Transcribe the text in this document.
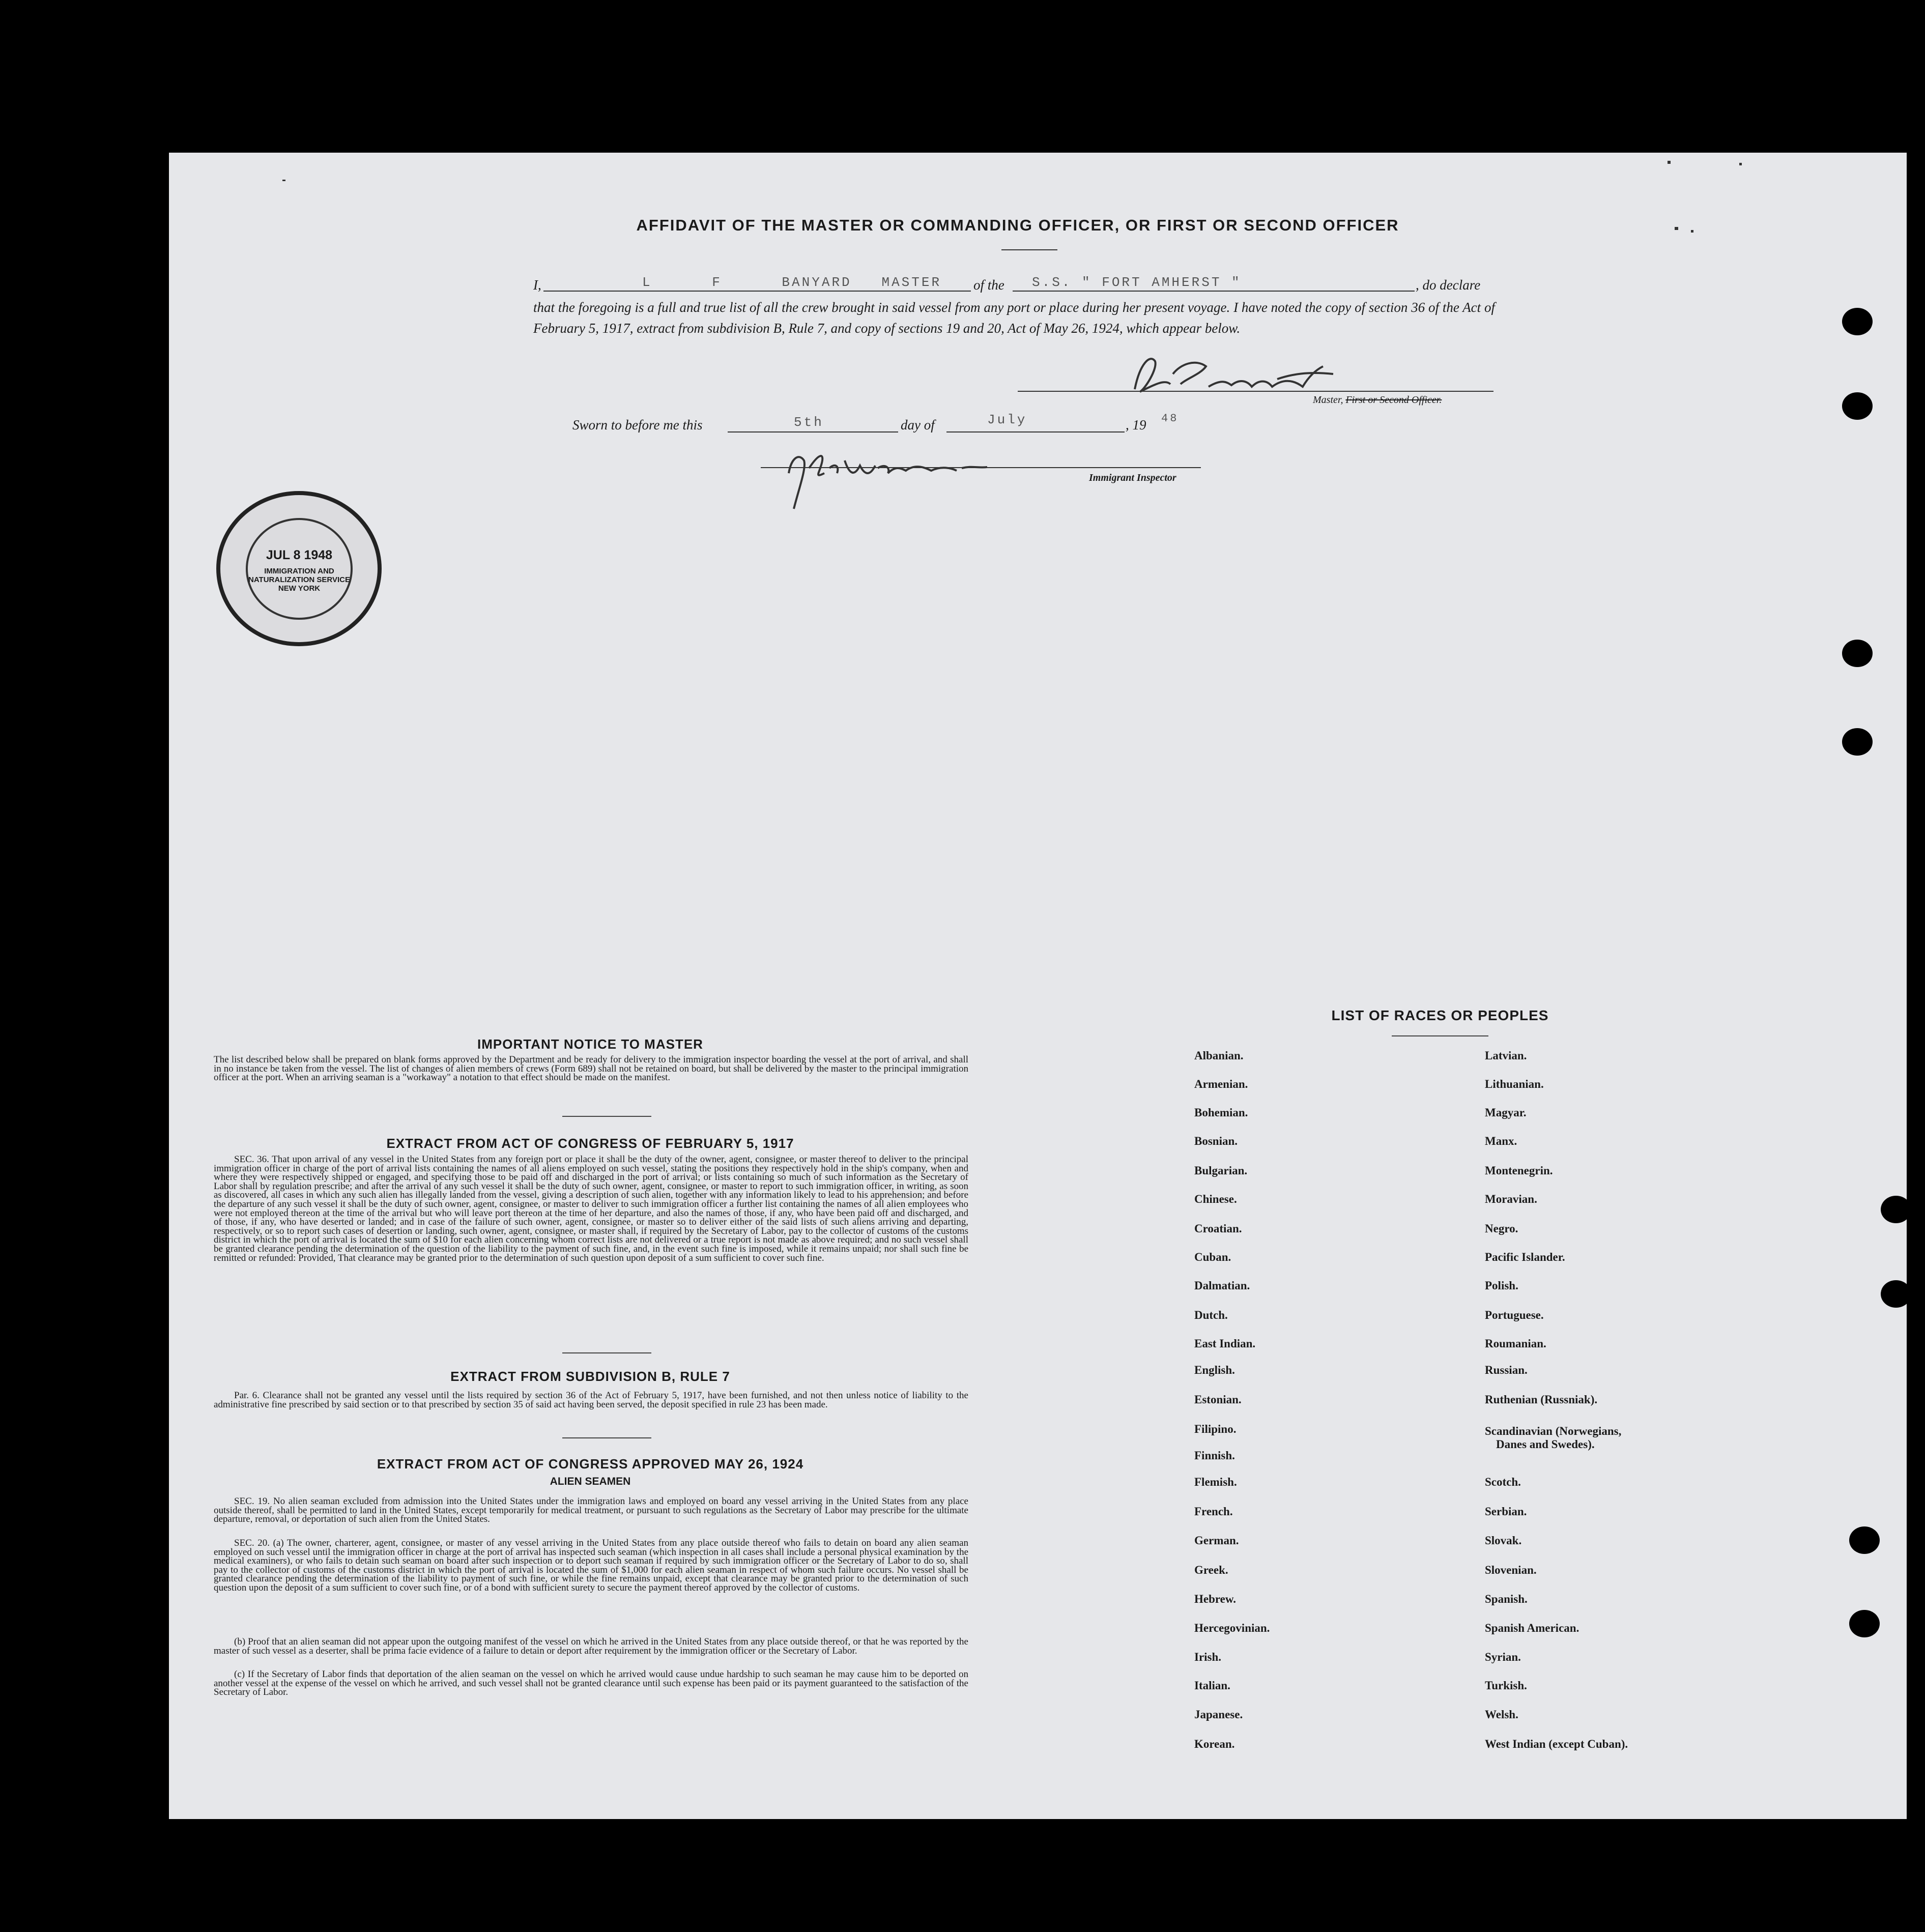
AFFIDAVIT OF THE MASTER OR COMMANDING OFFICER, OR FIRST OR SECOND OFFICER
I,	L      F      BANYARD   MASTER of the S.S. " FORT AMHERST "	, do declare
that the foregoing is a full and true list of all the crew brought in said vessel from any port or place during her present voyage. I have noted the copy of section 36 of the Act of February 5, 1917, extract from subdivision B, Rule 7, and copy of sections 19 and 20, Act of May 26, 1924, which appear below.
Master, First or Second Officer.
Sworn to before me this	5th	day of	July	, 19 48
Immigrant Inspector
JUL 8 1948
IMMIGRATION AND NATURALIZATION SERVICE NEW YORK
IMPORTANT NOTICE TO MASTER
The list described below shall be prepared on blank forms approved by the Department and be ready for delivery to the immigration inspector boarding the vessel at the port of arrival, and shall in no instance be taken from the vessel. The list of changes of alien members of crews (Form 689) shall not be retained on board, but shall be delivered by the master to the principal immigration officer at the port. When an arriving seaman is a "workaway" a notation to that effect should be made on the manifest.
EXTRACT FROM ACT OF CONGRESS OF FEBRUARY 5, 1917
SEC. 36. That upon arrival of any vessel in the United States from any foreign port or place it shall be the duty of the owner, agent, consignee, or master thereof to deliver to the principal immigration officer in charge of the port of arrival lists containing the names of all aliens employed on such vessel, stating the positions they respectively hold in the ship's company, when and where they were respectively shipped or engaged, and specifying those to be paid off and discharged in the port of arrival; or lists containing so much of such information as the Secretary of Labor shall by regulation prescribe; and after the arrival of any such vessel it shall be the duty of such owner, agent, consignee, or master to report to such immigration officer, in writing, as soon as discovered, all cases in which any such alien has illegally landed from the vessel, giving a description of such alien, together with any information likely to lead to his apprehension; and before the departure of any such vessel it shall be the duty of such owner, agent, consignee, or master to deliver to such immigration officer a further list containing the names of all alien employees who were not employed thereon at the time of the arrival but who will leave port thereon at the time of her departure, and also the names of those, if any, who have been paid off and discharged, and of those, if any, who have deserted or landed; and in case of the failure of such owner, agent, consignee, or master so to deliver either of the said lists of such aliens arriving and departing, respectively, or so to report such cases of desertion or landing, such owner, agent, consignee, or master shall, if required by the Secretary of Labor, pay to the collector of customs of the customs district in which the port of arrival is located the sum of $10 for each alien concerning whom correct lists are not delivered or a true report is not made as above required; and no such vessel shall be granted clearance pending the determination of the question of the liability to the payment of such fine, and, in the event such fine is imposed, while it remains unpaid; nor shall such fine be remitted or refunded: Provided, That clearance may be granted prior to the determination of such question upon deposit of a sum sufficient to cover such fine.
EXTRACT FROM SUBDIVISION B, RULE 7
Par. 6. Clearance shall not be granted any vessel until the lists required by section 36 of the Act of February 5, 1917, have been furnished, and not then unless notice of liability to the administrative fine prescribed by said section or to that prescribed by section 35 of said act having been served, the deposit specified in rule 23 has been made.
EXTRACT FROM ACT OF CONGRESS APPROVED MAY 26, 1924
ALIEN SEAMEN
SEC. 19. No alien seaman excluded from admission into the United States under the immigration laws and employed on board any vessel arriving in the United States from any place outside thereof, shall be permitted to land in the United States, except temporarily for medical treatment, or pursuant to such regulations as the Secretary of Labor may prescribe for the ultimate departure, removal, or deportation of such alien from the United States.
SEC. 20. (a) The owner, charterer, agent, consignee, or master of any vessel arriving in the United States from any place outside thereof who fails to detain on board any alien seaman employed on such vessel until the immigration officer in charge at the port of arrival has inspected such seaman (which inspection in all cases shall include a personal physical examination by the medical examiners), or who fails to detain such seaman on board after such inspection or to deport such seaman if required by such immigration officer or the Secretary of Labor to do so, shall pay to the collector of customs of the customs district in which the port of arrival is located the sum of $1,000 for each alien seaman in respect of whom such failure occurs. No vessel shall be granted clearance pending the determination of the liability to payment of such fine, or while the fine remains unpaid, except that clearance may be granted prior to the determination of such question upon the deposit of a sum sufficient to cover such fine, or of a bond with sufficient surety to secure the payment thereof approved by the collector of customs.
(b) Proof that an alien seaman did not appear upon the outgoing manifest of the vessel on which he arrived in the United States from any place outside thereof, or that he was reported by the master of such vessel as a deserter, shall be prima facie evidence of a failure to detain or deport after requirement by the immigration officer or the Secretary of Labor.
(c) If the Secretary of Labor finds that deportation of the alien seaman on the vessel on which he arrived would cause undue hardship to such seaman he may cause him to be deported on another vessel at the expense of the vessel on which he arrived, and such vessel shall not be granted clearance until such expense has been paid or its payment guaranteed to the satisfaction of the Secretary of Labor.
LIST OF RACES OR PEOPLES
Albanian.
Armenian.
Bohemian.
Bosnian.
Bulgarian.
Chinese.
Croatian.
Cuban.
Dalmatian.
Dutch.
East Indian.
English.
Estonian.
Filipino.
Finnish.
Flemish.
French.
German.
Greek.
Hebrew.
Hercegovinian.
Irish.
Italian.
Japanese.
Korean.
Latvian.
Lithuanian.
Magyar.
Manx.
Montenegrin.
Moravian.
Negro.
Pacific Islander.
Polish.
Portuguese.
Roumanian.
Russian.
Ruthenian (Russniak).
Scandinavian (Norwegians,
Danes and Swedes).
Scotch.
Serbian.
Slovak.
Slovenian.
Spanish.
Spanish American.
Syrian.
Turkish.
Welsh.
West Indian (except Cuban).
